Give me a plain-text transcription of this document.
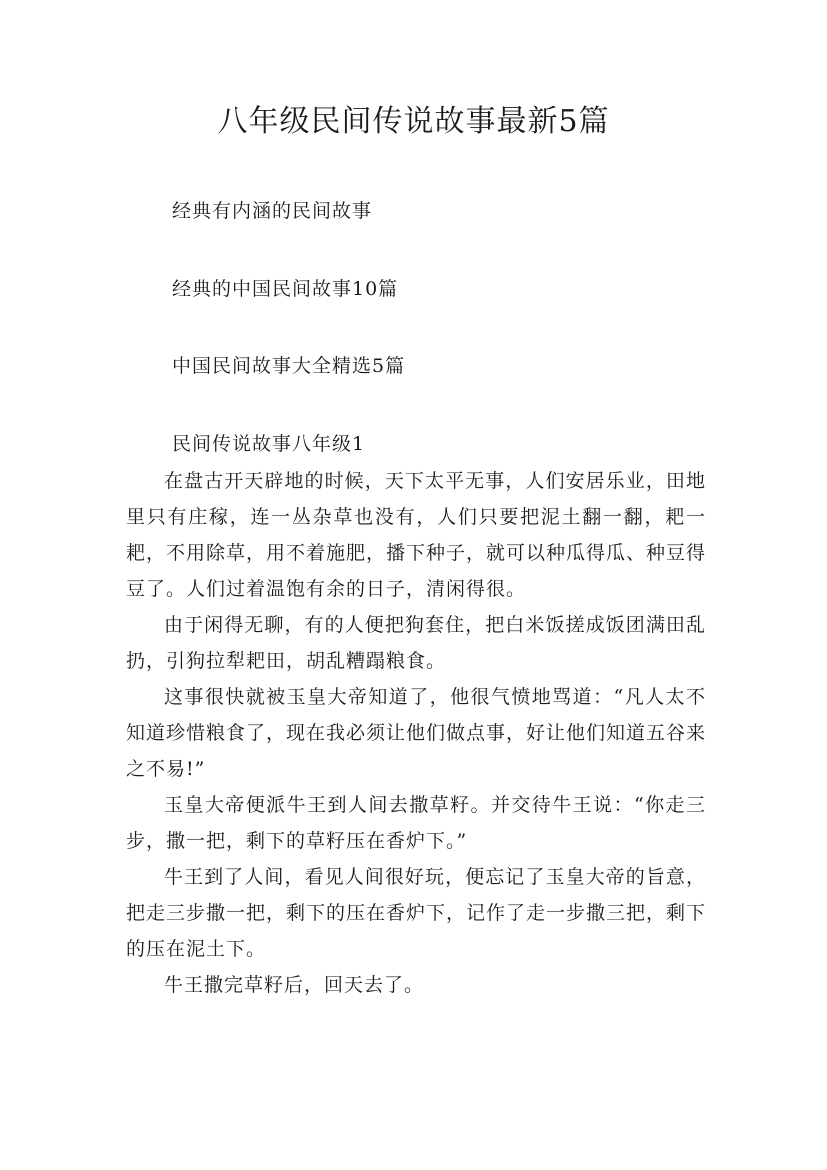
八年级民间传说故事最新5篇
经典有内涵的民间故事
经典的中国民间故事10篇
中国民间故事大全精选5篇
民间传说故事八年级1

在盘古开天辟地的时候，天下太平无事，人们安居乐业，田地里只有庄稼，连一丛杂草也没有，人们只要把泥土翻一翻，耙一耙，不用除草，用不着施肥，播下种子，就可以种瓜得瓜、种豆得豆了。人们过着温饱有余的日子，清闲得很。

由于闲得无聊，有的人便把狗套住，把白米饭搓成饭团满田乱扔，引狗拉犁耙田，胡乱糟蹋粮食。

这事很快就被玉皇大帝知道了，他很气愤地骂道：“凡人太不知道珍惜粮食了，现在我必须让他们做点事，好让他们知道五谷来之不易!”

玉皇大帝便派牛王到人间去撒草籽。并交待牛王说：“你走三步，撒一把，剩下的草籽压在香炉下。”

牛王到了人间，看见人间很好玩，便忘记了玉皇大帝的旨意，把走三步撒一把，剩下的压在香炉下，记作了走一步撒三把，剩下的压在泥土下。

牛王撒完草籽后，回天去了。
